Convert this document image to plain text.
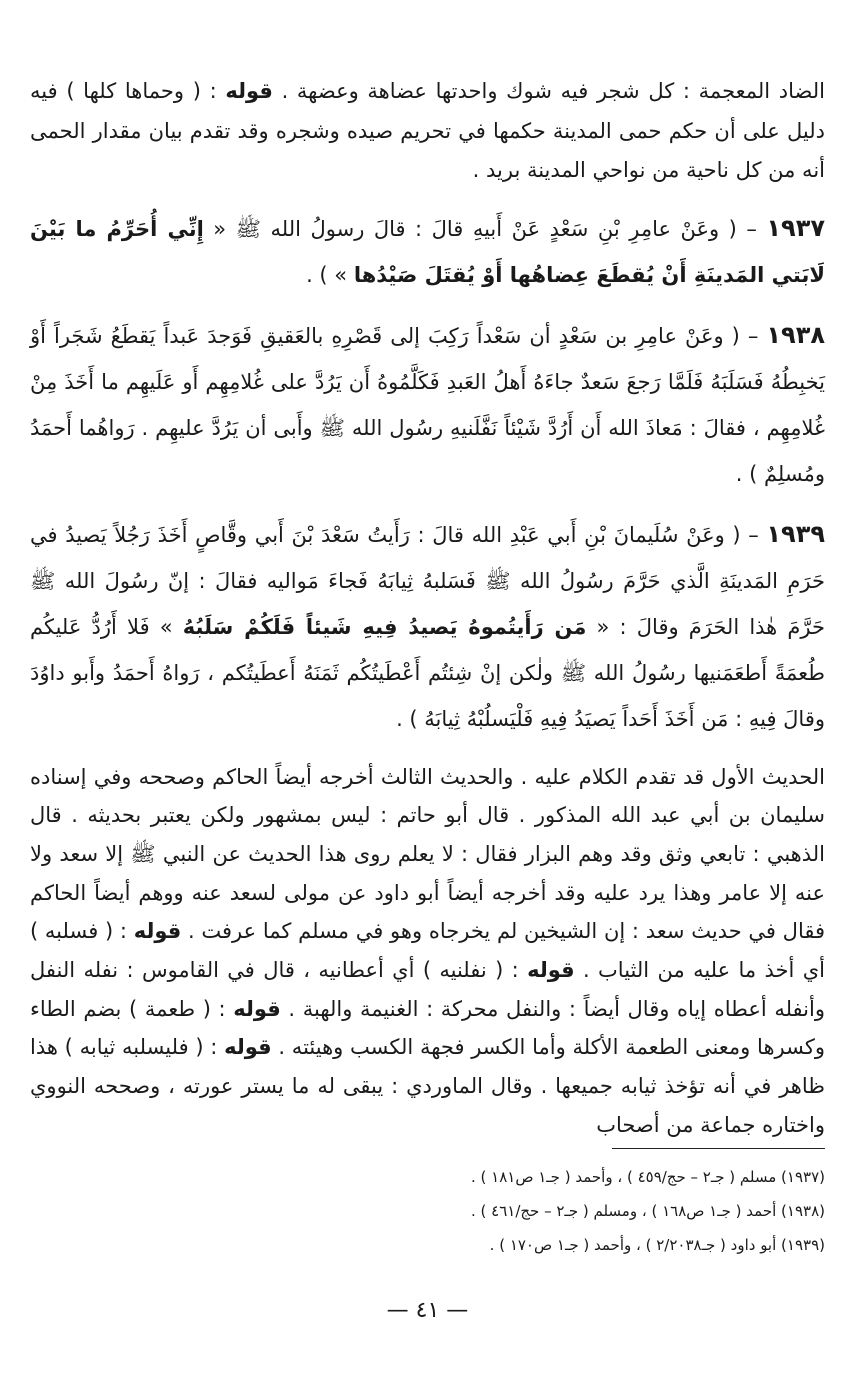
الضاد المعجمة : كل شجر فيه شوك واحدتها عضاهة وعضهة . قوله : ( وحماها كلها ) فيه دليل على أن حكم حمى المدينة حكمها في تحريم صيده وشجره وقد تقدم بيان مقدار الحمى أنه من كل ناحية من نواحي المدينة بريد .

١٩٣٧ – ( وعَنْ عامِرِ بْنِ سَعْدٍ عَنْ أَبيهِ قالَ : قالَ رسولُ الله ﷺ « إِنِّي أُحَرِّمُ ما بَيْنَ لَابَتي المَدينَةِ أَنْ يُقطَعَ عِضاهُها أَوْ يُقتَلَ صَيْدُها » ) .

١٩٣٨ – ( وعَنْ عامِرِ بن سَعْدٍ أن سَعْداً رَكِبَ إلى قَصْرِهِ بالعَقيقِ فَوَجدَ عَبداً يَقطَعُ شَجَراً أَوْ يَخبِطُهُ فَسَلَبَهُ فَلَمَّا رَجعَ سَعدٌ جاءَهُ أَهلُ العَبدِ فَكَلَّمُوهُ أَن يَرُدَّ على غُلامِهِم أَو عَلَيهِم ما أَخَذَ مِنْ غُلامِهِم ، فقالَ : مَعاذَ الله أَن أَرُدَّ شَيْئاً نَفَّلَنيهِ رسُول الله ﷺ وأَبى أن يَرُدَّ عليهِم . رَواهُما أَحمَدُ ومُسلِمٌ ) .

١٩٣٩ – ( وعَنْ سُلَيمانَ بْنِ أَبي عَبْدِ الله قالَ : رَأَيتُ سَعْدَ بْنَ أَبي وقَّاصٍ أَخَذَ رَجُلاً يَصيدُ في حَرَمِ المَدينَةِ الَّذي حَرَّمَ رسُولُ الله ﷺ فَسَلبهُ ثِيابَهُ فَجاءَ مَواليه فقالَ : إنّ رسُولَ الله ﷺ حَرَّمَ هٰذا الحَرَمَ وقالَ : « مَن رَأَيتُموهُ يَصيدُ فِيهِ شَيئاً فَلَكُمْ سَلَبُهُ » فَلا أَرُدُّ عَليكُم طُعمَةً أَطعَمَنيها رسُولُ الله ﷺ ولٰكن إنْ شِئتُم أَعْطَيتُكُم ثَمَنَهُ أَعطَيتُكم ، رَواهُ أَحمَدُ وأَبو داوُدَ وقالَ فِيهِ : مَن أَخَذَ أَحَداً يَصيَدُ فِيهِ فَلْيَسلُبْهُ ثِيابَهُ ) .

الحديث الأول قد تقدم الكلام عليه . والحديث الثالث أخرجه أيضاً الحاكم وصححه وفي إسناده سليمان بن أبي عبد الله المذكور . قال أبو حاتم : ليس بمشهور ولكن يعتبر بحديثه . قال الذهبي : تابعي وثق وقد وهم البزار فقال : لا يعلم روى هذا الحديث عن النبي ﷺ إلا سعد ولا عنه إلا عامر وهذا يرد عليه وقد أخرجه أيضاً أبو داود عن مولى لسعد عنه ووهم أيضاً الحاكم فقال في حديث سعد : إن الشيخين لم يخرجاه وهو في مسلم كما عرفت . قوله : ( فسلبه ) أي أخذ ما عليه من الثياب . قوله : ( نفلنيه ) أي أعطانيه ، قال في القاموس : نفله النفل وأنفله أعطاه إياه وقال أيضاً : والنفل محركة : الغنيمة والهبة . قوله : ( طعمة ) بضم الطاء وكسرها ومعنى الطعمة الأكلة وأما الكسر فجهة الكسب وهيئته . قوله : ( فليسلبه ثيابه ) هذا ظاهر في أنه تؤخذ ثيابه جميعها . وقال الماوردي : يبقى له ما يستر عورته ، وصححه النووي واختاره جماعة من أصحاب

(١٩٣٧) مسلم ( جـ٢ – حج/٤٥٩ ) ، وأحمد ( جـ١ ص١٨١ ) .
(١٩٣٨) أحمد ( جـ١ ص١٦٨ ) ، ومسلم ( جـ٢ – حج/٤٦١ ) .
(١٩٣٩) أبو داود ( جـ٢/٢٠٣٨ ) ، وأحمد ( جـ١ ص١٧٠ ) .
— ٤١ —
